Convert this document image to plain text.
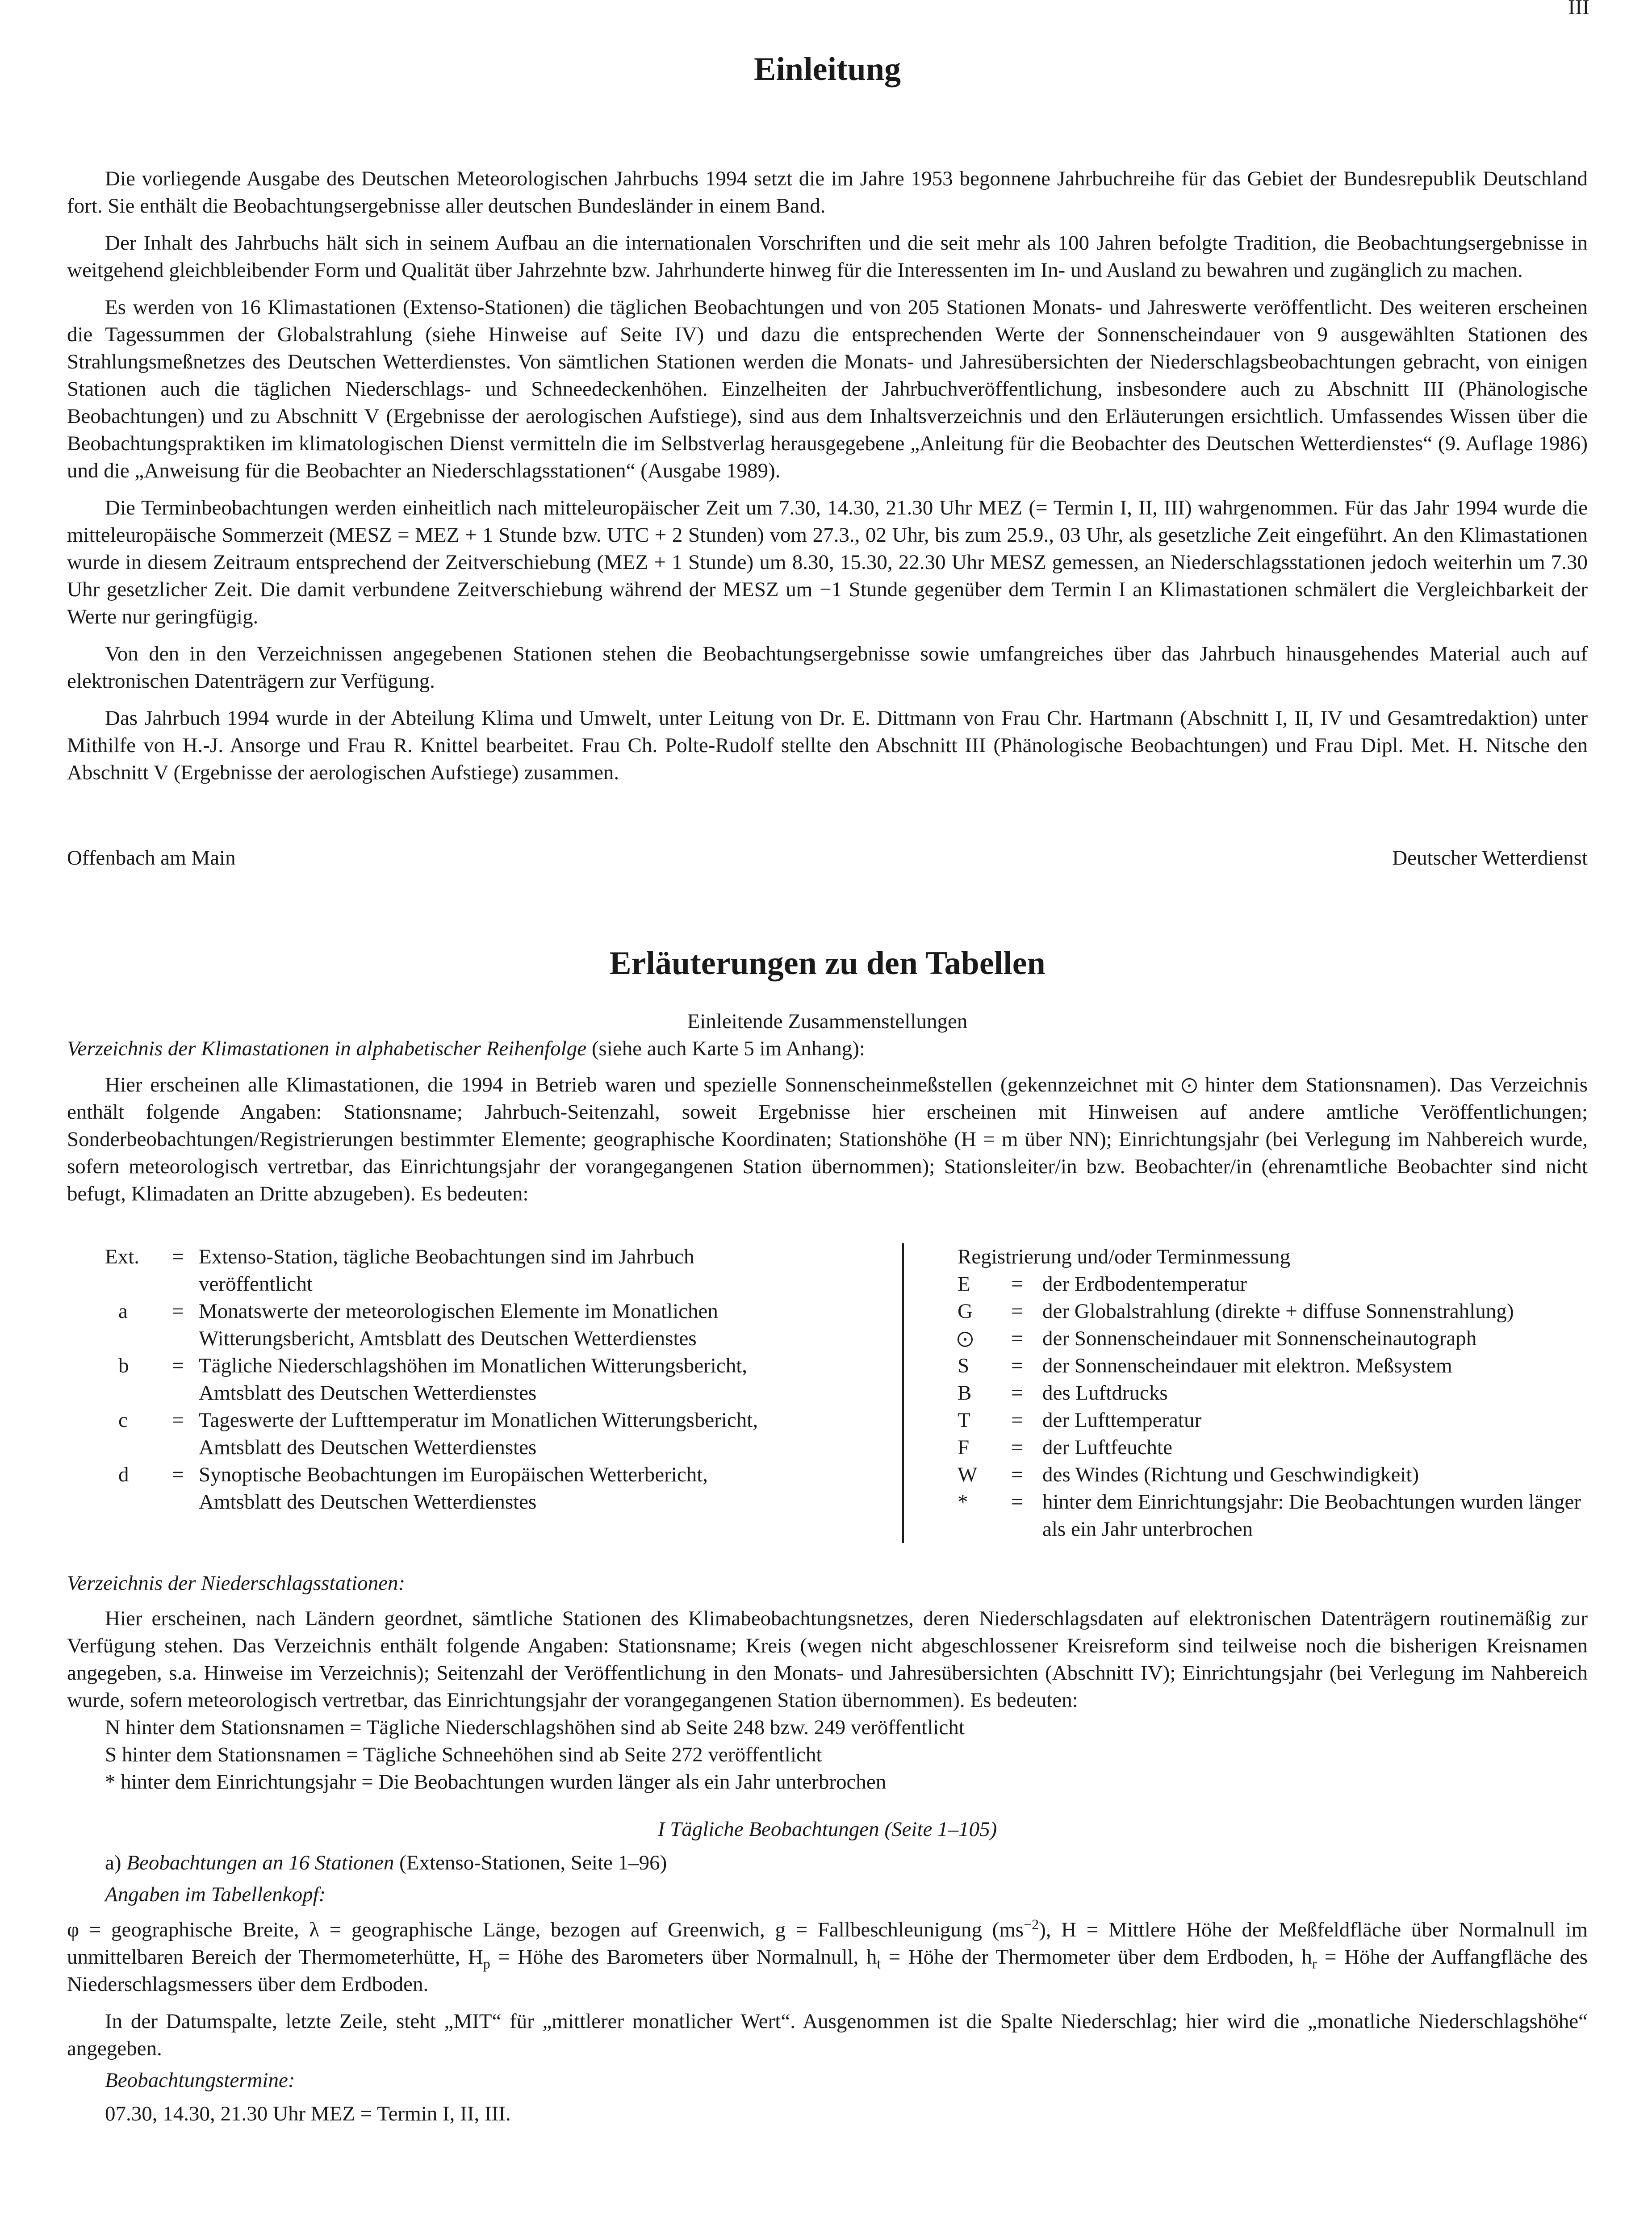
III
Einleitung

Die vorliegende Ausgabe des Deutschen Meteorologischen Jahrbuchs 1994 setzt die im Jahre 1953 begonnene Jahrbuchreihe für das Gebiet der Bundesrepublik Deutschland fort. Sie enthält die Beobachtungsergebnisse aller deutschen Bundesländer in einem Band.

Der Inhalt des Jahrbuchs hält sich in seinem Aufbau an die internationalen Vorschriften und die seit mehr als 100 Jahren befolgte Tradition, die Beobachtungsergebnisse in weitgehend gleichbleibender Form und Qualität über Jahrzehnte bzw. Jahrhunderte hinweg für die Interessenten im In- und Ausland zu bewahren und zugänglich zu machen.

Es werden von 16 Klimastationen (Extenso-Stationen) die täglichen Beobachtungen und von 205 Stationen Monats- und Jahreswerte veröffentlicht. Des weiteren erscheinen die Tagessummen der Globalstrahlung (siehe Hinweise auf Seite IV) und dazu die entsprechenden Werte der Sonnenscheindauer von 9 ausgewählten Stationen des Strahlungsmeßnetzes des Deutschen Wetterdienstes. Von sämtlichen Stationen werden die Monats- und Jahresübersichten der Niederschlagsbeobachtungen gebracht, von einigen Stationen auch die täglichen Niederschlags- und Schneedeckenhöhen. Einzelheiten der Jahrbuchveröffentlichung, insbesondere auch zu Abschnitt III (Phänologische Beobachtungen) und zu Abschnitt V (Ergebnisse der aerologischen Aufstiege), sind aus dem Inhaltsverzeichnis und den Erläuterungen ersichtlich. Umfassendes Wissen über die Beobachtungspraktiken im klimatologischen Dienst vermitteln die im Selbstverlag herausgegebene „Anleitung für die Beobachter des Deutschen Wetterdienstes“ (9. Auflage 1986) und die „Anweisung für die Beobachter an Niederschlagsstationen“ (Ausgabe 1989).

Die Terminbeobachtungen werden einheitlich nach mitteleuropäischer Zeit um 7.30, 14.30, 21.30 Uhr MEZ (= Termin I, II, III) wahrgenommen. Für das Jahr 1994 wurde die mitteleuropäische Sommerzeit (MESZ = MEZ + 1 Stunde bzw. UTC + 2 Stunden) vom 27.3., 02 Uhr, bis zum 25.9., 03 Uhr, als gesetzliche Zeit eingeführt. An den Klimastationen wurde in diesem Zeitraum entsprechend der Zeitverschiebung (MEZ + 1 Stunde) um 8.30, 15.30, 22.30 Uhr MESZ gemessen, an Niederschlagsstationen jedoch weiterhin um 7.30 Uhr gesetzlicher Zeit. Die damit verbundene Zeitverschiebung während der MESZ um −1 Stunde gegenüber dem Termin I an Klimastationen schmälert die Vergleichbarkeit der Werte nur geringfügig.

Von den in den Verzeichnissen angegebenen Stationen stehen die Beobachtungsergebnisse sowie umfangreiches über das Jahrbuch hinausgehendes Material auch auf elektronischen Datenträgern zur Verfügung.

Das Jahrbuch 1994 wurde in der Abteilung Klima und Umwelt, unter Leitung von Dr. E. Dittmann von Frau Chr. Hartmann (Abschnitt I, II, IV und Gesamtredaktion) unter Mithilfe von H.-J. Ansorge und Frau R. Knittel bearbeitet. Frau Ch. Polte-Rudolf stellte den Abschnitt III (Phänologische Beobachtungen) und Frau Dipl. Met. H. Nitsche den Abschnitt V (Ergebnisse der aerologischen Aufstiege) zusammen.

Offenbach am Main	Deutscher Wetterdienst
Erläuterungen zu den Tabellen

Einleitende Zusammenstellungen

Verzeichnis der Klimastationen in alphabetischer Reihenfolge (siehe auch Karte 5 im Anhang):

Hier erscheinen alle Klimastationen, die 1994 in Betrieb waren und spezielle Sonnenscheinmeßstellen (gekennzeichnet mit hinter dem Stationsnamen). Das Verzeichnis enthält folgende Angaben: Stationsname; Jahrbuch-Seitenzahl, soweit Ergebnisse hier erscheinen mit Hinweisen auf andere amtliche Veröffentlichungen; Sonderbeobachtungen/Registrierungen bestimmter Elemente; geographische Koordinaten; Stationshöhe (H = m über NN); Einrichtungsjahr (bei Verlegung im Nahbereich wurde, sofern meteorologisch vertretbar, das Einrichtungsjahr der vorangegangenen Station übernommen); Stationsleiter/in bzw. Beobachter/in (ehrenamtliche Beobachter sind nicht befugt, Klimadaten an Dritte abzugeben). Es bedeuten:

Ext.	= Extenso-Station, tägliche Beobachtungen sind im Jahrbuch
veröffentlicht
a	= Monatswerte der meteorologischen Elemente im Monatlichen
Witterungsbericht, Amtsblatt des Deutschen Wetterdienstes
b	= Tägliche Niederschlagshöhen im Monatlichen Witterungsbericht,
Amtsblatt des Deutschen Wetterdienstes
c	= Tageswerte der Lufttemperatur im Monatlichen Witterungsbericht,
Amtsblatt des Deutschen Wetterdienstes
d	= Synoptische Beobachtungen im Europäischen Wetterbericht,
Amtsblatt des Deutschen Wetterdienstes
Registrierung und/oder Terminmessung
E	= der Erdbodentemperatur
G	= der Globalstrahlung (direkte + diffuse Sonnenstrahlung)
= der Sonnenscheindauer mit Sonnenscheinautograph
S	= der Sonnenscheindauer mit elektron. Meßsystem
B	= des Luftdrucks
T	= der Lufttemperatur
F	= der Luftfeuchte
W	= des Windes (Richtung und Geschwindigkeit)
*	= hinter dem Einrichtungsjahr: Die Beobachtungen wurden länger
als ein Jahr unterbrochen

Verzeichnis der Niederschlagsstationen:

Hier erscheinen, nach Ländern geordnet, sämtliche Stationen des Klimabeobachtungsnetzes, deren Niederschlagsdaten auf elektronischen Datenträgern routinemäßig zur Verfügung stehen. Das Verzeichnis enthält folgende Angaben: Stationsname; Kreis (wegen nicht abgeschlossener Kreisreform sind teilweise noch die bisherigen Kreisnamen angegeben, s.a. Hinweise im Verzeichnis); Seitenzahl der Veröffentlichung in den Monats- und Jahresübersichten (Abschnitt IV); Einrichtungsjahr (bei Verlegung im Nahbereich wurde, sofern meteorologisch vertretbar, das Einrichtungsjahr der vorangegangenen Station übernommen). Es bedeuten:

N hinter dem Stationsnamen = Tägliche Niederschlagshöhen sind ab Seite 248 bzw. 249 veröffentlicht
S hinter dem Stationsnamen = Tägliche Schneehöhen sind ab Seite 272 veröffentlicht
* hinter dem Einrichtungsjahr = Die Beobachtungen wurden länger als ein Jahr unterbrochen

I Tägliche Beobachtungen (Seite 1–105)

a) Beobachtungen an 16 Stationen (Extenso-Stationen, Seite 1–96)

Angaben im Tabellenkopf:

φ = geographische Breite, λ = geographische Länge, bezogen auf Greenwich, g = Fallbeschleunigung $(ms^{-2})$, H = Mittlere Höhe der Meßfeldfläche über Normalnull im unmittelbaren Bereich der Thermometerhütte, $H_p$ = Höhe des Barometers über Normalnull, $h_t$ = Höhe der Thermometer über dem Erdboden, $h_r$ = Höhe der Auffangfläche des Niederschlagsmessers über dem Erdboden.

In der Datumspalte, letzte Zeile, steht „MIT“ für „mittlerer monatlicher Wert“. Ausgenommen ist die Spalte Niederschlag; hier wird die „monatliche Niederschlagshöhe“ angegeben.

Beobachtungstermine:

07.30, 14.30, 21.30 Uhr MEZ = Termin I, II, III.
